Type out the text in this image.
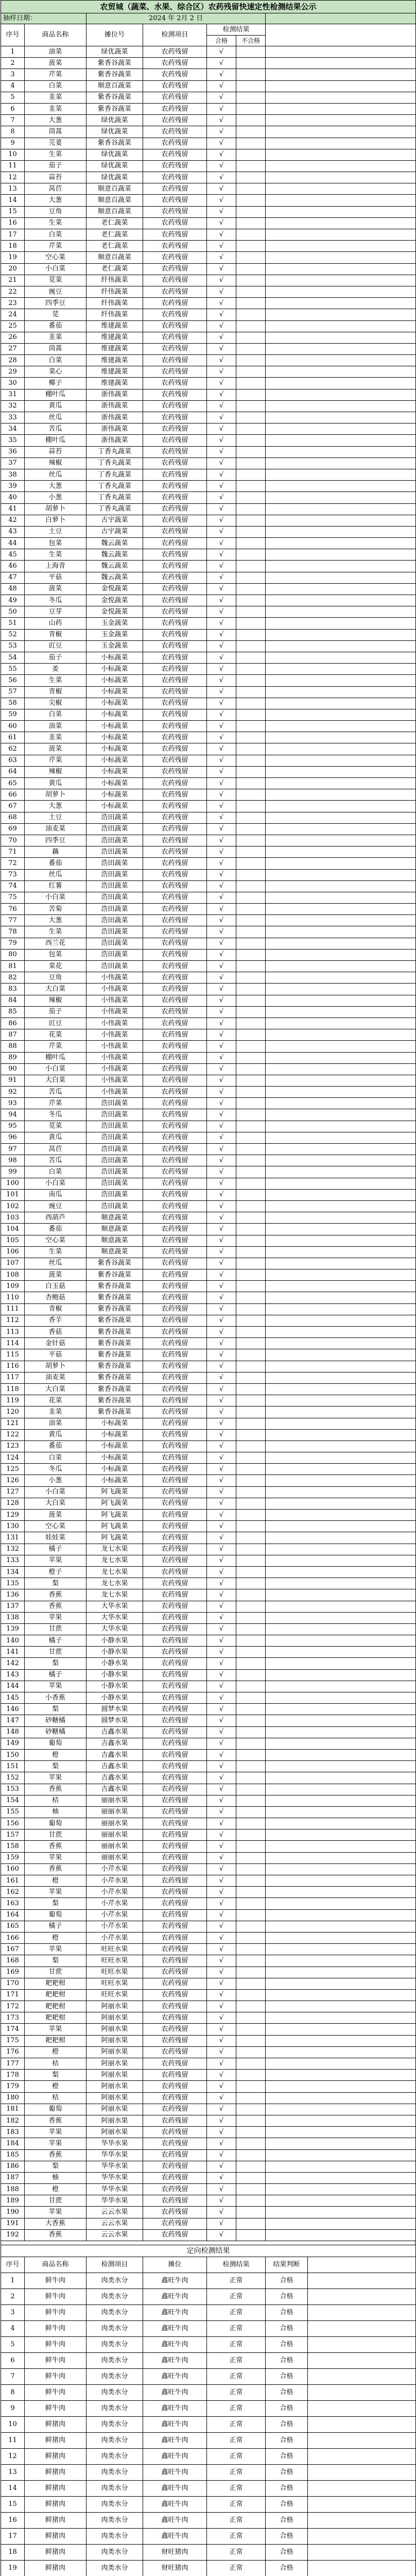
农贸城（蔬菜、水果、综合区）农药残留快速定性检测结果公示						
抽样日期：		2024 年 2月 2 日				
序号	商品名称	摊位号	检测项目	检测结果		
				合格	不合格	
1	油菜	绿优蔬菜	农药残留	√		
2	菠菜	紫香谷蔬菜	农药残留	√		
3	芹菜	紫香谷蔬菜	农药残留	√		
4	白菜	顺意百蔬菜	农药残留	√		
5	韭菜	紫香谷蔬菜	农药残留	√		
6	韭菜	紫香谷蔬菜	农药残留	√		
7	大葱	绿优蔬菜	农药残留	√		
8	茼蒿	绿优蔬菜	农药残留	√		
9	芫荽	紫香谷蔬菜	农药残留	√		
10	生菜	绿优蔬菜	农药残留	√		
11	茄子	绿优蔬菜	农药残留	√		
12	蒜苔	绿优蔬菜	农药残留	√		
13	莴苣	顺意百蔬菜	农药残留	√		
14	大葱	顺意百蔬菜	农药残留	√		
15	豆角	顺意百蔬菜	农药残留	√		
16	生菜	老仁蔬菜	农药残留	√		
17	白菜	老仁蔬菜	农药残留	√		
18	芹菜	老仁蔬菜	农药残留	√		
19	空心菜	顺意百蔬菜	农药残留	√		
20	小白菜	老仁蔬菜	农药残留	√		
21	苋菜	纤伟蔬菜	农药残留	√		
22	豌豆	纤伟蔬菜	农药残留	√		
23	四季豆	纤伟蔬菜	农药残留	√		
24	苋	纤伟蔬菜	农药残留	√		
25	番茄	维建蔬菜	农药残留	√		
26	韭菜	维建蔬菜	农药残留	√		
27	茼蒿	维建蔬菜	农药残留	√		
28	白菜	维建蔬菜	农药残留	√		
29	菜心	维建蔬菜	农药残留	√		
30	椰子	维建蔬菜	农药残留	√		
31	棚叶瓜	浙伟蔬菜	农药残留	√		
32	黄瓜	浙伟蔬菜	农药残留	√		
33	丝瓜	浙伟蔬菜	农药残留	√		
34	苦瓜	浙伟蔬菜	农药残留	√		
35	棚叶瓜	浙伟蔬菜	农药残留	√		
36	蒜苔	丁香丸蔬菜	农药残留	√		
37	辣椒	丁香丸蔬菜	农药残留	√		
38	丝瓜	丁香丸蔬菜	农药残留	√		
39	大葱	丁香丸蔬菜	农药残留	√		
40	小葱	丁香丸蔬菜	农药残留	√		
41	胡萝卜	丁香丸蔬菜	农药残留	√		
42	白萝卜	古宇蔬菜	农药残留	√		
43	土豆	古宇蔬菜	农药残留	√		
44	包菜	魏云蔬菜	农药残留	√		
45	生菜	魏云蔬菜	农药残留	√		
46	上海青	魏云蔬菜	农药残留	√		
47	平菇	魏云蔬菜	农药残留	√		
48	菠菜	金悦蔬菜	农药残留	√		
49	冬瓜	金悦蔬菜	农药残留	√		
50	豆芽	金悦蔬菜	农药残留	√		
51	山药	玉金蔬菜	农药残留	√		
52	青椒	玉金蔬菜	农药残留	√		
53	豇豆	玉金蔬菜	农药残留	√		
54	茄子	小标蔬菜	农药残留	√		
55	姜	小标蔬菜	农药残留	√		
56	生菜	小标蔬菜	农药残留	√		
57	青椒	小标蔬菜	农药残留	√		
58	尖椒	小标蔬菜	农药残留	√		
59	白菜	小标蔬菜	农药残留	√		
60	油菜	小标蔬菜	农药残留	√		
61	韭菜	小标蔬菜	农药残留	√		
62	菠菜	小标蔬菜	农药残留	√		
63	芹菜	小标蔬菜	农药残留	√		
64	辣椒	小标蔬菜	农药残留	√		
65	黄瓜	小标蔬菜	农药残留	√		
66	胡萝卜	小标蔬菜	农药残留	√		
67	大葱	小标蔬菜	农药残留	√		
68	土豆	浩田蔬菜	农药残留	√		
69	油麦菜	浩田蔬菜	农药残留	√		
70	四季豆	浩田蔬菜	农药残留	√		
71	藕	浩田蔬菜	农药残留	√		
72	番茄	浩田蔬菜	农药残留	√		
73	丝瓜	浩田蔬菜	农药残留	√		
74	红薯	浩田蔬菜	农药残留	√		
75	小白菜	浩田蔬菜	农药残留	√		
76	苦菊	浩田蔬菜	农药残留	√		
77	大葱	浩田蔬菜	农药残留	√		
78	生菜	浩田蔬菜	农药残留	√		
79	西兰花	浩田蔬菜	农药残留	√		
80	包菜	浩田蔬菜	农药残留	√		
81	菜花	浩田蔬菜	农药残留	√		
82	豆角	小伟蔬菜	农药残留	√		
83	大白菜	小伟蔬菜	农药残留	√		
84	辣椒	小伟蔬菜	农药残留	√		
85	茄子	小伟蔬菜	农药残留	√		
86	豇豆	小伟蔬菜	农药残留	√		
87	花菜	小伟蔬菜	农药残留	√		
88	芹菜	小伟蔬菜	农药残留	√		
89	棚叶瓜	小伟蔬菜	农药残留	√		
90	小白菜	小伟蔬菜	农药残留	√		
91	大白菜	小伟蔬菜	农药残留	√		
92	苦瓜	小伟蔬菜	农药残留	√		
93	芹菜	浩田蔬菜	农药残留	√		
94	冬瓜	浩田蔬菜	农药残留	√		
95	苋菜	浩田蔬菜	农药残留	√		
96	黄瓜	浩田蔬菜	农药残留	√		
97	莴苣	浩田蔬菜	农药残留	√		
98	苦瓜	浩田蔬菜	农药残留	√		
99	白菜	浩田蔬菜	农药残留	√		
100	小白菜	浩田蔬菜	农药残留	√		
101	南瓜	浩田蔬菜	农药残留	√		
102	豌豆	浩田蔬菜	农药残留	√		
103	西葫芦	顺意蔬菜	农药残留	√		
104	番茄	顺意蔬菜	农药残留	√		
105	空心菜	顺意蔬菜	农药残留	√		
106	生菜	顺意蔬菜	农药残留	√		
107	丝瓜	紫香谷蔬菜	农药残留	√		
108	菠菜	紫香谷蔬菜	农药残留	√		
109	白玉菇	紫香谷蔬菜	农药残留	√		
110	杏鲍菇	紫香谷蔬菜	农药残留	√		
111	青椒	紫香谷蔬菜	农药残留	√		
112	香芋	紫香谷蔬菜	农药残留	√		
113	香菇	紫香谷蔬菜	农药残留	√		
114	金针菇	紫香谷蔬菜	农药残留	√		
115	平菇	紫香谷蔬菜	农药残留	√		
116	胡萝卜	紫香谷蔬菜	农药残留	√		
117	油麦菜	紫香谷蔬菜	农药残留	√		
118	大白菜	紫香谷蔬菜	农药残留	√		
119	花菜	紫香谷蔬菜	农药残留	√		
120	韭菜	紫香谷蔬菜	农药残留	√		
121	油菜	小标蔬菜	农药残留	√		
122	黄瓜	小标蔬菜	农药残留	√		
123	番茄	小标蔬菜	农药残留	√		
124	白菜	小标蔬菜	农药残留	√		
125	冬瓜	小标蔬菜	农药残留	√		
126	小葱	小标蔬菜	农药残留	√		
127	小白菜	阿飞蔬菜	农药残留	√		
128	大白菜	阿飞蔬菜	农药残留	√		
129	菠菜	阿飞蔬菜	农药残留	√		
130	空心菜	阿飞蔬菜	农药残留	√		
131	娃娃菜	阿飞蔬菜	农药残留	√		
132	橘子	龙七水果	农药残留	√		
133	苹果	龙七水果	农药残留	√		
134	橙子	龙七水果	农药残留	√		
135	梨	龙七水果	农药残留	√		
136	香蕉	龙七水果	农药残留	√		
137	香蕉	大华水果	农药残留	√		
138	苹果	大华水果	农药残留	√		
139	甘蔗	大华水果	农药残留	√		
140	橘子	小静水果	农药残留	√		
141	甘蔗	小静水果	农药残留	√		
142	梨	小静水果	农药残留	√		
143	橘子	小静水果	农药残留	√		
144	苹果	小静水果	农药残留	√		
145	小香蕉	小静水果	农药残留	√		
146	梨	圆梦水果	农药残留	√		
147	砂糖橘	圆梦水果	农药残留	√		
148	砂糖橘	吉鑫水果	农药残留	√		
149	葡萄	吉鑫水果	农药残留	√		
150	橙	吉鑫水果	农药残留	√		
151	梨	吉鑫水果	农药残留	√		
152	苹果	吉鑫水果	农药残留	√		
153	香蕉	吉鑫水果	农药残留	√		
154	桔	丽丽水果	农药残留	√		
155	柚	丽丽水果	农药残留	√		
156	葡萄	丽丽水果	农药残留	√		
157	甘蔗	丽丽水果	农药残留	√		
158	香蕉	丽丽水果	农药残留	√		
159	苹果	丽丽水果	农药残留	√		
160	香蕉	小芹水果	农药残留	√		
161	橙	小芹水果	农药残留	√		
162	苹果	小芹水果	农药残留	√		
163	梨	小芹水果	农药残留	√		
164	葡萄	小芹水果	农药残留	√		
165	橘子	小芹水果	农药残留	√		
166	橙	小芹水果	农药残留	√		
167	苹果	旺旺水果	农药残留	√		
168	梨	旺旺水果	农药残留	√		
169	甘蔗	旺旺水果	农药残留	√		
170	耙耙柑	旺旺水果	农药残留	√		
171	耙耙柑	旺旺水果	农药残留	√		
172	耙耙柑	阿丽水果	农药残留	√		
173	耙耙柑	阿丽水果	农药残留	√		
174	苹果	阿丽水果	农药残留	√		
175	耙耙柑	阿丽水果	农药残留	√		
176	橙	阿丽水果	农药残留	√		
177	桔	阿丽水果	农药残留	√		
178	梨	阿丽水果	农药残留	√		
179	橙	阿丽水果	农药残留	√		
180	桔	阿丽水果	农药残留	√		
181	葡萄	阿丽水果	农药残留	√		
182	香蕉	阿丽水果	农药残留	√		
183	苹果	阿丽水果	农药残留	√		
184	苹果	华华水果	农药残留	√		
185	香蕉	华华水果	农药残留	√		
186	梨	华华水果	农药残留	√		
187	柚	华华水果	农药残留	√		
188	橙	华华水果	农药残留	√		
189	甘蔗	华华水果	农药残留	√		
190	苹果	云云水果	农药残留	√		
191	大香蕉	云云水果	农药残留	√		
192	香蕉	云云水果	农药残留	√		
定向检测结果						
序号	商品名称	检测项目	摊位	检测结果	结果判断	
1	鲜牛肉	肉类水分	鑫旺牛肉	正常	合格	
2	鲜牛肉	肉类水分	鑫旺牛肉	正常	合格	
3	鲜牛肉	肉类水分	鑫旺牛肉	正常	合格	
4	鲜牛肉	肉类水分	鑫旺牛肉	正常	合格	
5	鲜牛肉	肉类水分	鑫旺牛肉	正常	合格	
6	鲜牛肉	肉类水分	鑫旺牛肉	正常	合格	
7	鲜牛肉	肉类水分	鑫旺牛肉	正常	合格	
8	鲜牛肉	肉类水分	鑫旺牛肉	正常	合格	
9	鲜牛肉	肉类水分	鑫旺牛肉	正常	合格	
10	鲜猪肉	肉类水分	鑫旺牛肉	正常	合格	
11	鲜猪肉	肉类水分	鑫旺牛肉	正常	合格	
12	鲜猪肉	肉类水分	鑫旺牛肉	正常	合格	
13	鲜猪肉	肉类水分	鑫旺牛肉	正常	合格	
14	鲜猪肉	肉类水分	鑫旺牛肉	正常	合格	
15	鲜猪肉	肉类水分	鑫旺牛肉	正常	合格	
16	鲜猪肉	肉类水分	鑫旺牛肉	正常	合格	
17	鲜猪肉	肉类水分	鑫旺牛肉	正常	合格	
18	鲜猪肉	肉类水分	财旺猪肉	正常	合格	
19	鲜猪肉	肉类水分	财旺猪肉	正常	合格	
